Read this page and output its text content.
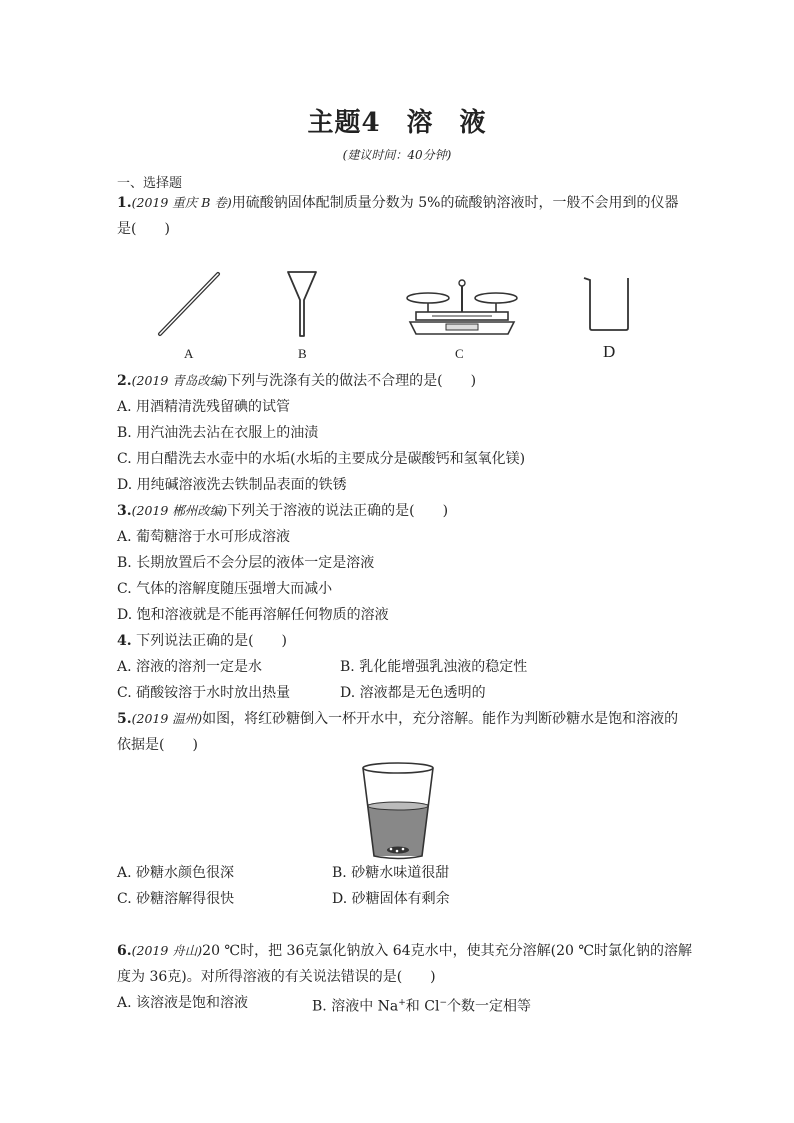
主题4 溶 液
(建议时间：40分钟)
一、选择题
1.(2019 重庆 B 卷)用硫酸钠固体配制质量分数为 5%的硫酸钠溶液时，一般不会用到的仪器
是(　　)
A	B	C	D
2.(2019 青岛改编)下列与洗涤有关的做法不合理的是(　　)
A. 用酒精清洗残留碘的试管
B. 用汽油洗去沾在衣服上的油渍
C. 用白醋洗去水壶中的水垢(水垢的主要成分是碳酸钙和氢氧化镁)
D. 用纯碱溶液洗去铁制品表面的铁锈
3.(2019 郴州改编)下列关于溶液的说法正确的是(　　)
A. 葡萄糖溶于水可形成溶液
B. 长期放置后不会分层的液体一定是溶液
C. 气体的溶解度随压强增大而减小
D. 饱和溶液就是不能再溶解任何物质的溶液
4. 下列说法正确的是(　　)
A. 溶液的溶剂一定是水	B. 乳化能增强乳浊液的稳定性
C. 硝酸铵溶于水时放出热量	D. 溶液都是无色透明的
5.(2019 温州)如图，将红砂糖倒入一杯开水中，充分溶解。能作为判断砂糖水是饱和溶液的
依据是(　　)
A. 砂糖水颜色很深	B. 砂糖水味道很甜
C. 砂糖溶解得很快	D. 砂糖固体有剩余
6.(2019 舟山)20 ℃时，把 36克氯化钠放入 64克水中，使其充分溶解(20 ℃时氯化钠的溶解
度为 36克)。对所得溶液的有关说法错误的是(　　)
A. 该溶液是饱和溶液	B. 溶液中 Na+和 Cl−个数一定相等
